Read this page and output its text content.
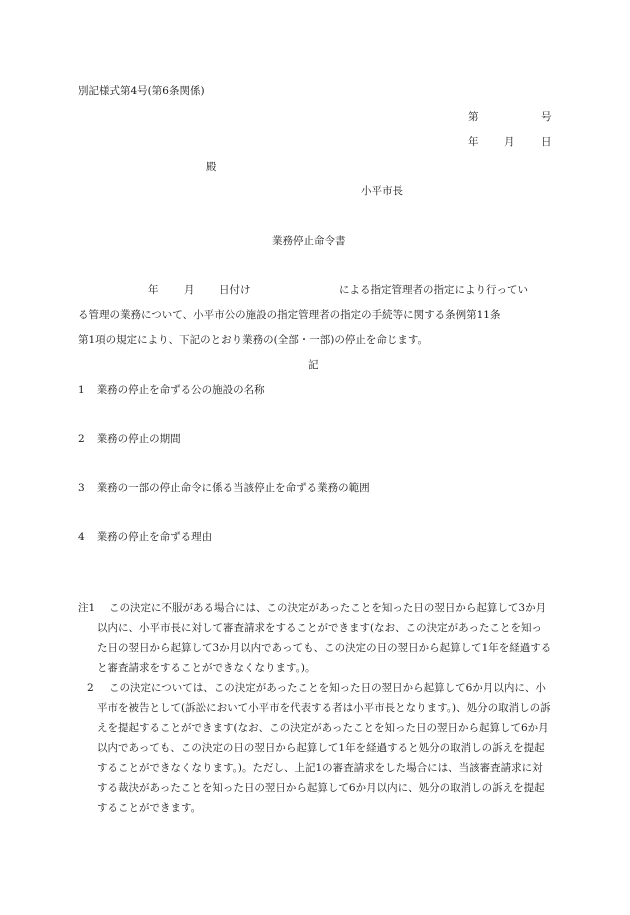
別記様式第4号(第6条関係)
第	号
年 月	日
殿
小平市長
業務停止命令書
年 月 日付け	による指定管理者の指定により行ってい
る管理の業務について、小平市公の施設の指定管理者の指定の手続等に関する条例第11条
第1項の規定により、下記のとおり業務の(全部・一部)の停止を命じます。
記
1 業務の停止を命ずる公の施設の名称
2 業務の停止の期間
3 業務の一部の停止命令に係る当該停止を命ずる業務の範囲
4 業務の停止を命ずる理由
注1	この決定に不服がある場合には、この決定があったことを知った日の翌日から起算して3か月以内に、小平市長に対して審査請求をすることができます(なお、この決定があったことを知った日の翌日から起算して3か月以内であっても、この決定の日の翌日から起算して1年を経過すると審査請求をすることができなくなります。)。
2	この決定については、この決定があったことを知った日の翌日から起算して6か月以内に、小平市を被告として(訴訟において小平市を代表する者は小平市長となります。)、処分の取消しの訴えを提起することができます(なお、この決定があったことを知った日の翌日から起算して6か月以内であっても、この決定の日の翌日から起算して1年を経過すると処分の取消しの訴えを提起することができなくなります。)。ただし、上記1の審査請求をした場合には、当該審査請求に対する裁決があったことを知った日の翌日から起算して6か月以内に、処分の取消しの訴えを提起することができます。
